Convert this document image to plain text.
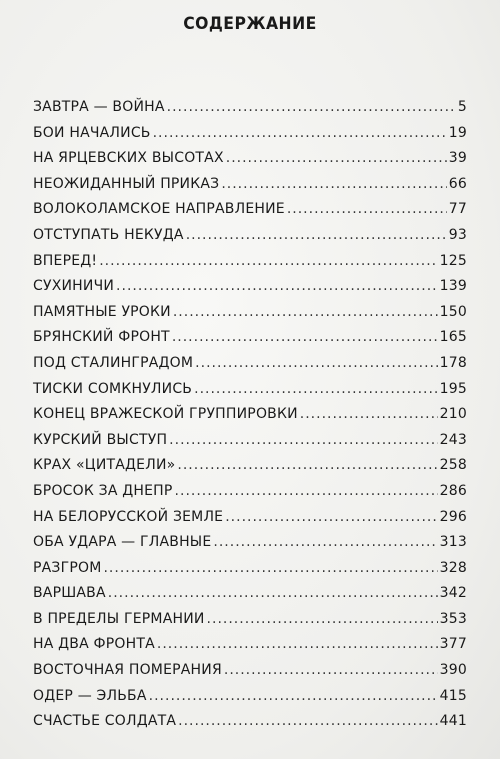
СОДЕРЖАНИЕ
ЗАВТРА — ВОЙНА .....	5
БОИ НАЧАЛИСЬ .....	19
НА ЯРЦЕВСКИХ ВЫСОТАХ .....	39
НЕОЖИДАННЫЙ ПРИКАЗ .....	66
ВОЛОКОЛАМСКОЕ НАПРАВЛЕНИЕ .....	77
ОТСТУПАТЬ НЕКУДА .....	93
ВПЕРЕД! .....	125
СУХИНИЧИ .....	139
ПАМЯТНЫЕ УРОКИ .....	150
БРЯНСКИЙ ФРОНТ .....	165
ПОД СТАЛИНГРАДОМ .....	178
ТИСКИ СОМКНУЛИСЬ .....	195
КОНЕЦ ВРАЖЕСКОЙ ГРУППИРОВКИ .....	210
КУРСКИЙ ВЫСТУП .....	243
КРАХ «ЦИТАДЕЛИ» .....	258
БРОСОК ЗА ДНЕПР .....	286
НА БЕЛОРУССКОЙ ЗЕМЛЕ .....	296
ОБА УДАРА — ГЛАВНЫЕ .....	313
РАЗГРОМ .....	328
ВАРШАВА .....	342
В ПРЕДЕЛЫ ГЕРМАНИИ .....	353
НА ДВА ФРОНТА .....	377
ВОСТОЧНАЯ ПОМЕРАНИЯ .....	390
ОДЕР — ЭЛЬБА .....	415
СЧАСТЬЕ СОЛДАТА .....	441
